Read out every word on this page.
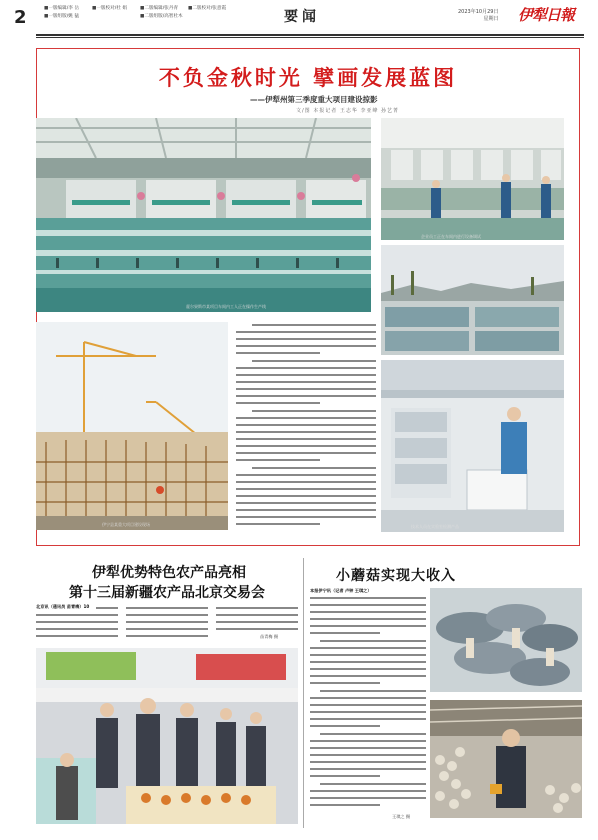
2	■一版编辑/李 岳	■一版校对/杜 娟	■二版编辑/张丹青 ■二版校对/张意霞
■一版组版/姚 猛	■二版组版/高智杜木	要闻	2023年10月29日
星期日 伊犁日報
不负金秋时光 擘画发展蓝图
——伊犁州第三季度重大项目建设掠影
文/图 本报记者 王志华 李亚峰 孙艺菁
霍尔果斯市某项目车间内工人正在操作生产线
企业员工正在车间内进行设备调试
伊宁县某重大项目建设现场	技术人员在实验室检测产品
伊犁优势特色农产品亮相
第十三届新疆农产品北京交易会
北京讯（通讯员 苗青梅）10
苗青梅 摄
小蘑菇实现大收入
本报伊宁讯（记者 卢钟 王琪之）
王琪之 摄
